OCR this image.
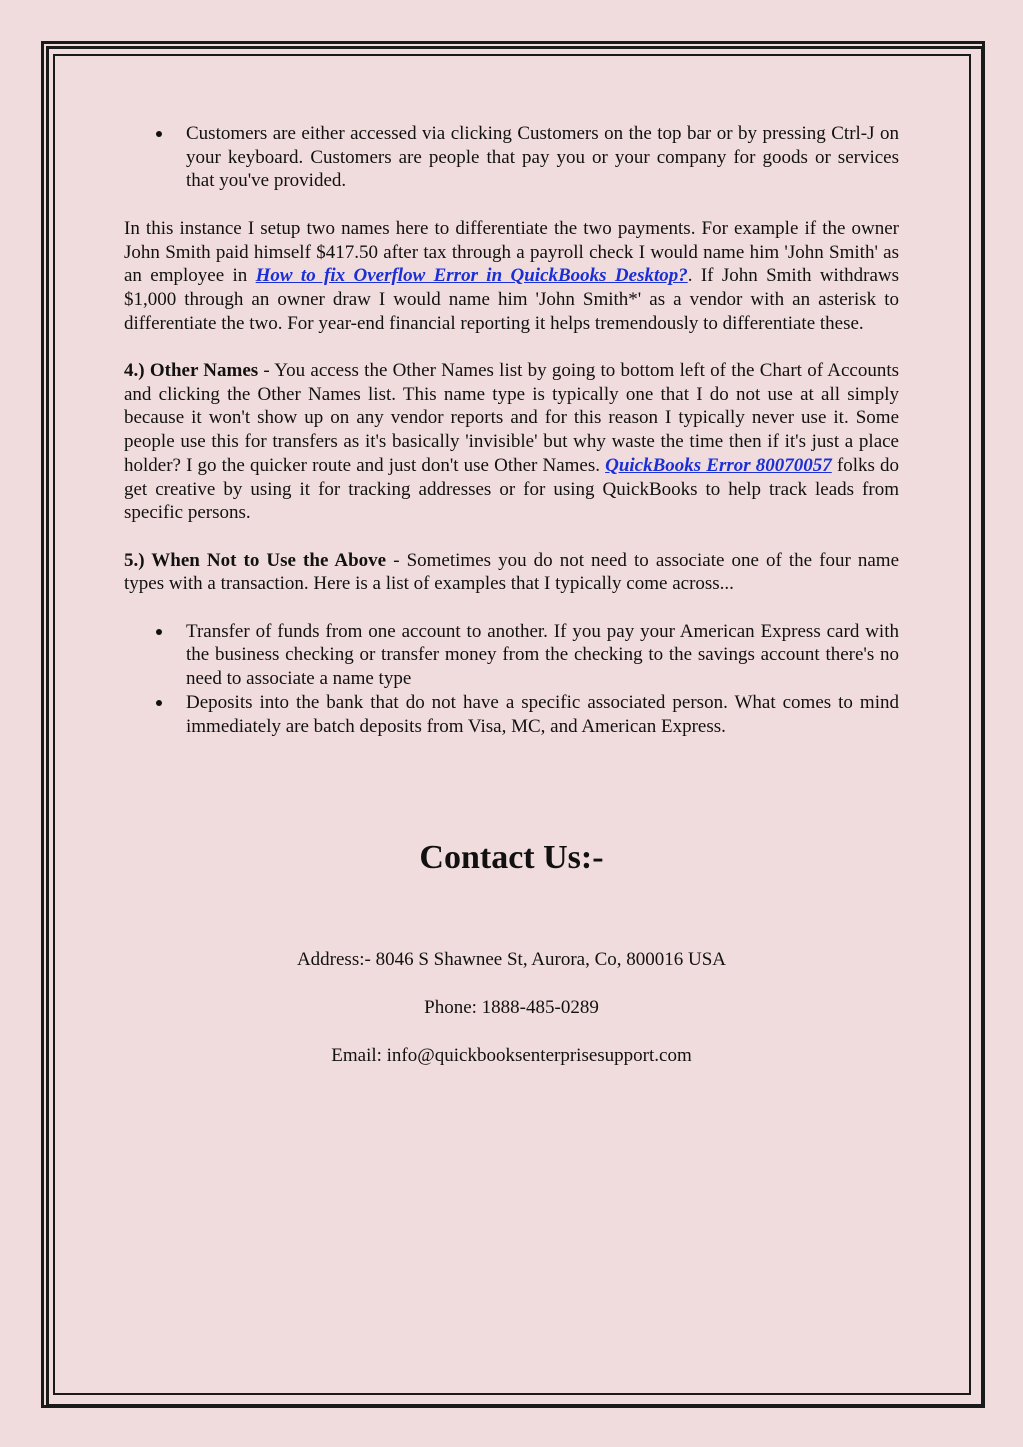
Customers are either accessed via clicking Customers on the top bar or by pressing Ctrl-J on your keyboard. Customers are people that pay you or your company for goods or services that you've provided.

In this instance I setup two names here to differentiate the two payments. For example if the owner John Smith paid himself $417.50 after tax through a payroll check I would name him 'John Smith' as an employee in How to fix Overflow Error in QuickBooks Desktop?. If John Smith withdraws $1,000 through an owner draw I would name him 'John Smith*' as a vendor with an asterisk to differentiate the two. For year-end financial reporting it helps tremendously to differentiate these.

4.) Other Names - You access the Other Names list by going to bottom left of the Chart of Accounts and clicking the Other Names list. This name type is typically one that I do not use at all simply because it won't show up on any vendor reports and for this reason I typically never use it. Some people use this for transfers as it's basically 'invisible' but why waste the time then if it's just a place holder? I go the quicker route and just don't use Other Names. QuickBooks Error 80070057 folks do get creative by using it for tracking addresses or for using QuickBooks to help track leads from specific persons.

5.) When Not to Use the Above - Sometimes you do not need to associate one of the four name types with a transaction. Here is a list of examples that I typically come across...

Transfer of funds from one account to another. If you pay your American Express card with the business checking or transfer money from the checking to the savings account there's no need to associate a name type
Deposits into the bank that do not have a specific associated person. What comes to mind immediately are batch deposits from Visa, MC, and American Express.
Contact Us:-
Address:- 8046 S Shawnee St, Aurora, Co, 800016 USA
Phone: 1888-485-0289
Email: info@quickbooksenterprisesupport.com
